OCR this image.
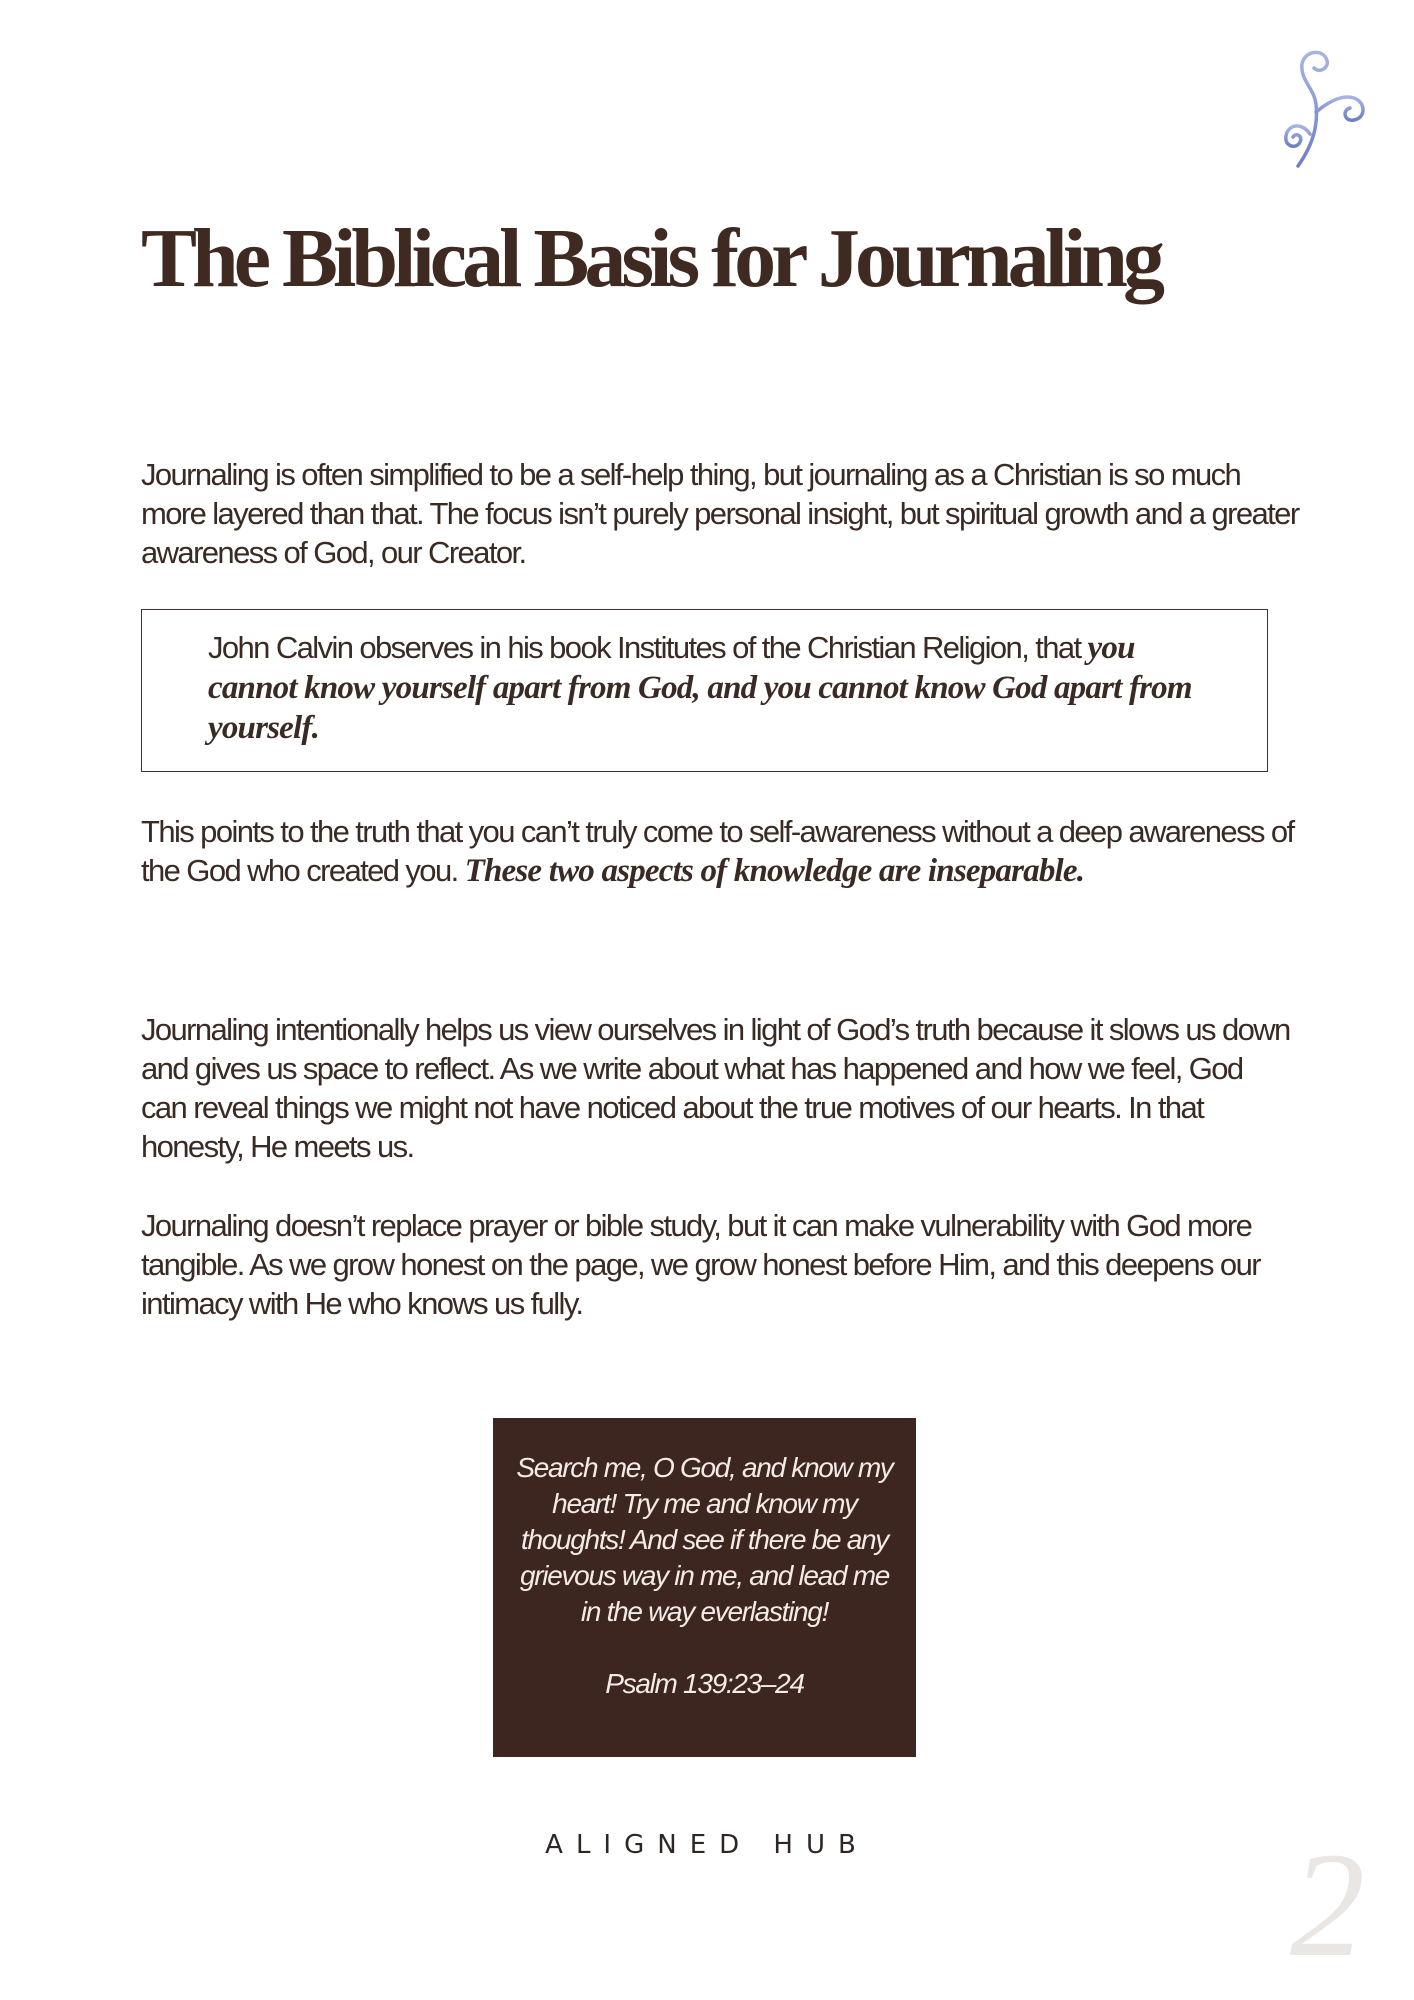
The Biblical Basis for Journaling

Journaling is often simplified to be a self-help thing, but journaling as a Christian is so much more layered than that. The focus isn’t purely personal insight, but spiritual growth and a greater awareness of God, our Creator.

John Calvin observes in his book Institutes of the Christian Religion, that you cannot know yourself apart from God, and you cannot know God apart from yourself.

This points to the truth that you can’t truly come to self-awareness without a deep awareness of the God who created you. These two aspects of knowledge are inseparable.

Journaling intentionally helps us view ourselves in light of God’s truth because it slows us down and gives us space to reflect. As we write about what has happened and how we feel, God can reveal things we might not have noticed about the true motives of our hearts. In that honesty, He meets us.

Journaling doesn’t replace prayer or bible study, but it can make vulnerability with God more tangible. As we grow honest on the page, we grow honest before Him, and this deepens our intimacy with He who knows us fully.

Search me, O God, and know my heart! Try me and know my thoughts! And see if there be any grievous way in me, and lead me in the way everlasting!

Psalm 139:23–24

ALIGNED HUB	2
